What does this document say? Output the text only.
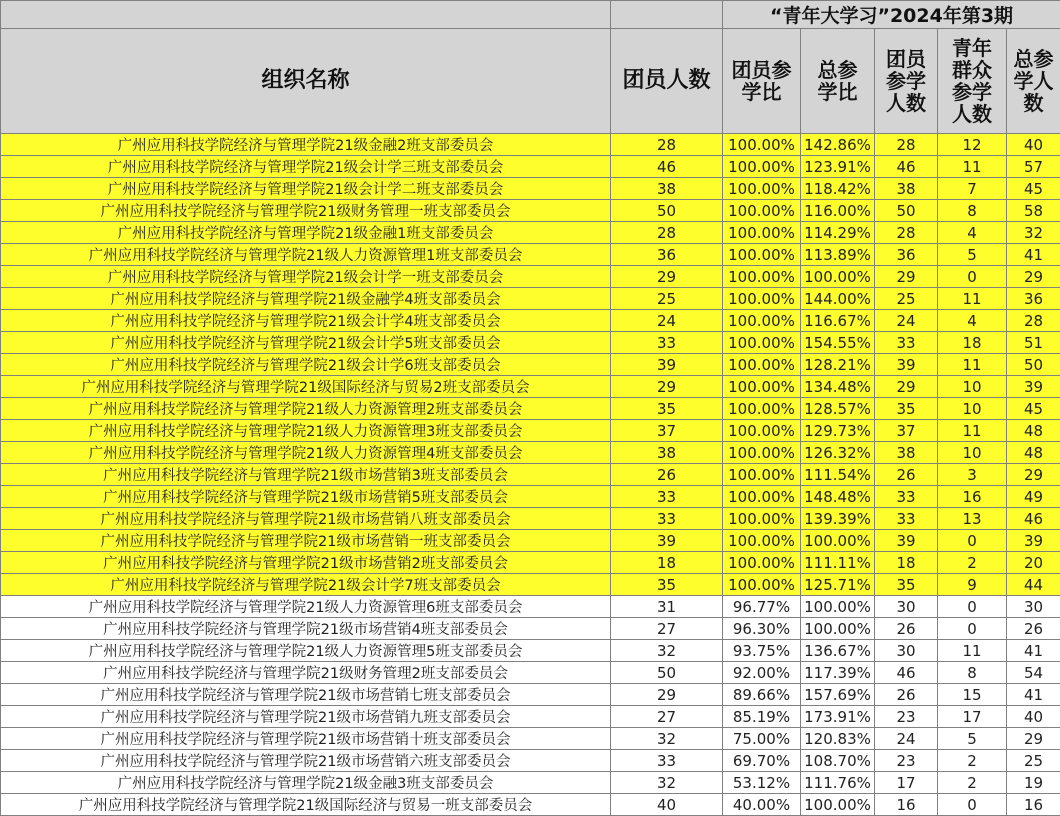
		“青年大学习”2024年第3期				
组织名称	团员人数	团员参学比	总参学比	团员参学人数	青年群众参学人数	总参学人数
广州应用科技学院经济与管理学院21级金融2班支部委员会	28	100.00%	142.86%	28	12	40
广州应用科技学院经济与管理学院21级会计学三班支部委员会	46	100.00%	123.91%	46	11	57
广州应用科技学院经济与管理学院21级会计学二班支部委员会	38	100.00%	118.42%	38	7	45
广州应用科技学院经济与管理学院21级财务管理一班支部委员会	50	100.00%	116.00%	50	8	58
广州应用科技学院经济与管理学院21级金融1班支部委员会	28	100.00%	114.29%	28	4	32
广州应用科技学院经济与管理学院21级人力资源管理1班支部委员会	36	100.00%	113.89%	36	5	41
广州应用科技学院经济与管理学院21级会计学一班支部委员会	29	100.00%	100.00%	29	0	29
广州应用科技学院经济与管理学院21级金融学4班支部委员会	25	100.00%	144.00%	25	11	36
广州应用科技学院经济与管理学院21级会计学4班支部委员会	24	100.00%	116.67%	24	4	28
广州应用科技学院经济与管理学院21级会计学5班支部委员会	33	100.00%	154.55%	33	18	51
广州应用科技学院经济与管理学院21级会计学6班支部委员会	39	100.00%	128.21%	39	11	50
广州应用科技学院经济与管理学院21级国际经济与贸易2班支部委员会	29	100.00%	134.48%	29	10	39
广州应用科技学院经济与管理学院21级人力资源管理2班支部委员会	35	100.00%	128.57%	35	10	45
广州应用科技学院经济与管理学院21级人力资源管理3班支部委员会	37	100.00%	129.73%	37	11	48
广州应用科技学院经济与管理学院21级人力资源管理4班支部委员会	38	100.00%	126.32%	38	10	48
广州应用科技学院经济与管理学院21级市场营销3班支部委员会	26	100.00%	111.54%	26	3	29
广州应用科技学院经济与管理学院21级市场营销5班支部委员会	33	100.00%	148.48%	33	16	49
广州应用科技学院经济与管理学院21级市场营销八班支部委员会	33	100.00%	139.39%	33	13	46
广州应用科技学院经济与管理学院21级市场营销一班支部委员会	39	100.00%	100.00%	39	0	39
广州应用科技学院经济与管理学院21级市场营销2班支部委员会	18	100.00%	111.11%	18	2	20
广州应用科技学院经济与管理学院21级会计学7班支部委员会	35	100.00%	125.71%	35	9	44
广州应用科技学院经济与管理学院21级人力资源管理6班支部委员会	31	96.77%	100.00%	30	0	30
广州应用科技学院经济与管理学院21级市场营销4班支部委员会	27	96.30%	100.00%	26	0	26
广州应用科技学院经济与管理学院21级人力资源管理5班支部委员会	32	93.75%	136.67%	30	11	41
广州应用科技学院经济与管理学院21级财务管理2班支部委员会	50	92.00%	117.39%	46	8	54
广州应用科技学院经济与管理学院21级市场营销七班支部委员会	29	89.66%	157.69%	26	15	41
广州应用科技学院经济与管理学院21级市场营销九班支部委员会	27	85.19%	173.91%	23	17	40
广州应用科技学院经济与管理学院21级市场营销十班支部委员会	32	75.00%	120.83%	24	5	29
广州应用科技学院经济与管理学院21级市场营销六班支部委员会	33	69.70%	108.70%	23	2	25
广州应用科技学院经济与管理学院21级金融3班支部委员会	32	53.12%	111.76%	17	2	19
广州应用科技学院经济与管理学院21级国际经济与贸易一班支部委员会	40	40.00%	100.00%	16	0	16
